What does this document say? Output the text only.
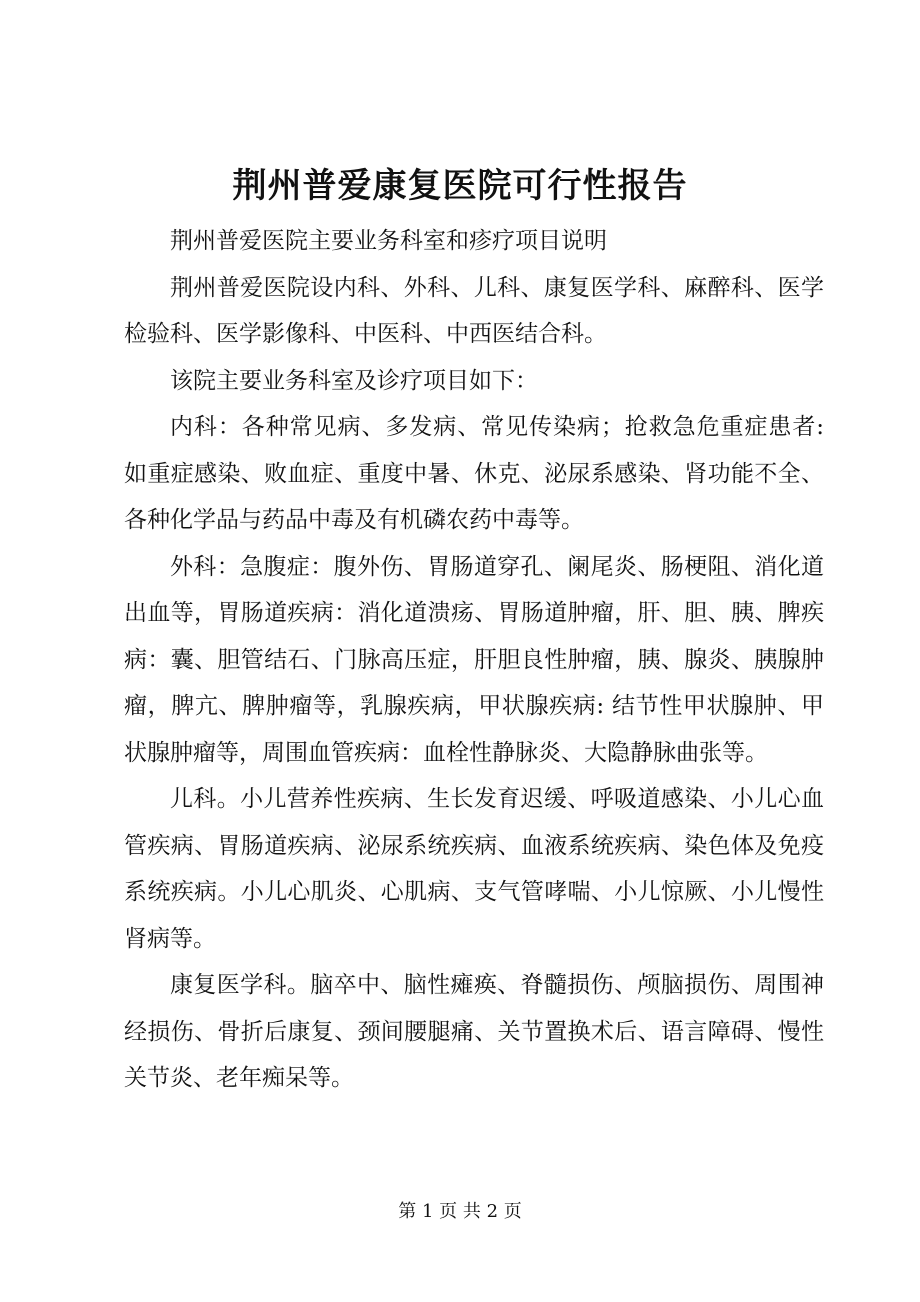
荆州普爱康复医院可行性报告

荆州普爱医院主要业务科室和疹疗项目说明

荆州普爱医院设内科、外科、儿科、康复医学科、麻醉科、医学检验科、医学影像科、中医科、中西医结合科。

该院主要业务科室及诊疗项目如下：

内科：各种常见病、多发病、常见传染病；抢救急危重症患者: 如重症感染、败血症、重度中暑、休克、泌尿系感染、肾功能不全、各种化学品与药品中毒及有机磷农药中毒等。

外科：急腹症：腹外伤、胃肠道穿孔、阑尾炎、肠梗阻、消化道出血等，胃肠道疾病：消化道溃疡、胃肠道肿瘤，肝、胆、胰、脾疾病：囊、胆管结石、门脉高压症，肝胆良性肿瘤，胰、腺炎、胰腺肿瘤，脾亢、脾肿瘤等，乳腺疾病，甲状腺疾病: 结节性甲状腺肿、甲状腺肿瘤等，周围血管疾病：血栓性静脉炎、大隐静脉曲张等。

儿科。小儿营养性疾病、生长发育迟缓、呼吸道感染、小儿心血管疾病、胃肠道疾病、泌尿系统疾病、血液系统疾病、染色体及免疫系统疾病。小儿心肌炎、心肌病、支气管哮喘、小儿惊厥、小儿慢性肾病等。

康复医学科。脑卒中、脑性瘫痪、脊髓损伤、颅脑损伤、周围神经损伤、骨折后康复、颈间腰腿痛、关节置换术后、语言障碍、慢性关节炎、老年痴呆等。

第 1 页 共 2 页
